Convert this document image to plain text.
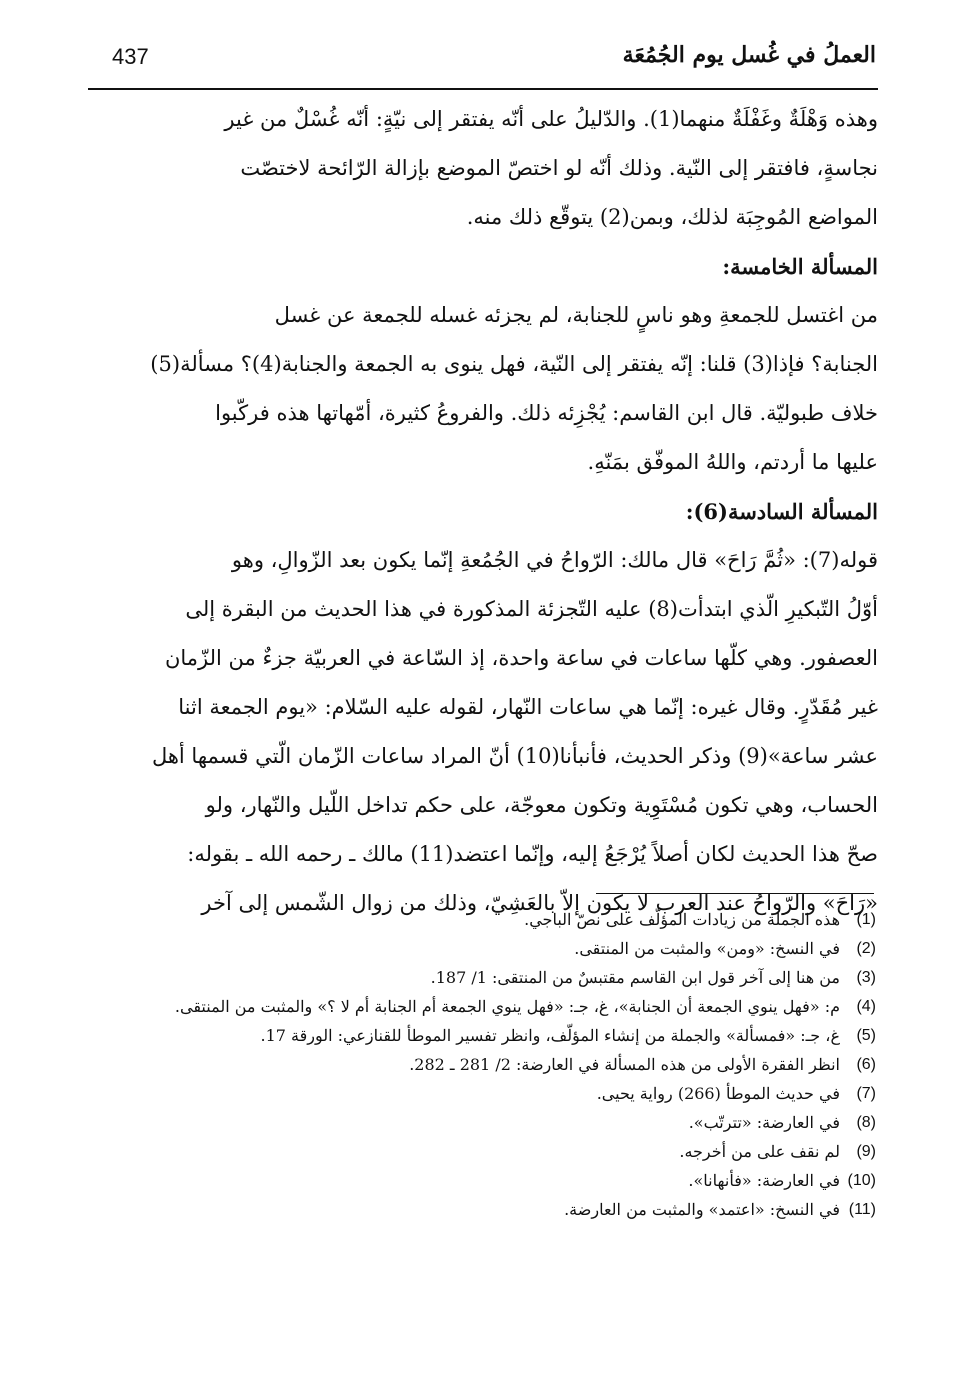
437	العملُ في غُسل يوم الجُمُعَة
وهذه وَهْلَةٌ وغَفْلَةٌ منهما(1). والدّليلُ على أنّه يفتقر إلى نيّةٍ: أنّه غُسْلٌ من غير
نجاسةٍ، فافتقر إلى النّية. وذلك أنّه لو اختصّ الموضع بإزالة الرّائحة لاختصّت
المواضع المُوجِبَة لذلك، وبمن(2) يتوقّع ذلك منه.
المسألة الخامسة:
من اغتسل للجمعةِ وهو ناسٍ للجنابة، لم يجزئه غسله للجمعة عن غسل
الجنابة؟ فإذا(3) قلنا: إنّه يفتقر إلى النّية، فهل ينوى به الجمعة والجنابة(4)؟ مسألة(5)
خلاف طبوليّة. قال ابن القاسم: يُجْزِئه ذلك. والفروعُ كثيرة، أمّهاتها هذه فركّبوا
عليها ما أردتم، واللهُ الموفّق بمَنّهِ.
المسألة السادسة(6):
قوله(7): «ثُمَّ رَاحَ» قال مالك: الرّواحُ في الجُمُعةِ إنّما يكون بعد الزّوالِ، وهو
أوّلُ التّبكيرِ الّذي ابتدأت(8) عليه التّجزئة المذكورة في هذا الحديث من البقرة إلى
العصفور. وهي كلّها ساعات في ساعة واحدة، إذ السّاعة في العربيّة جزءٌ من الزّمان
غير مُقَدّرٍ. وقال غيره: إنّما هي ساعات النّهار، لقوله عليه السّلام: «يوم الجمعة اثنا
عشر ساعة»(9) وذكر الحديث، فأنبأنا(10) أنّ المراد ساعات الزّمان الّتي قسمها أهل
الحساب، وهي تكون مُسْتَوِية وتكون معوجّة، على حكم تداخل اللّيل والنّهار، ولو
صحّ هذا الحديث لكان أصلاً يُرْجَعُ إليه، وإنّما اعتضد(11) مالك ـ رحمه الله ـ بقوله:
«رَاحَ» والرّواحُ عند العرب لا يكون إلاّ بالعَشِيّ، وذلك من زوال الشّمس إلى آخر
(1)
هذه الجملة من زيادات المؤلّف على نصّ الباجي.
(2)
في النسخ: «ومن» والمثبت من المنتقى.
(3)
من هنا إلى آخر قول ابن القاسم مقتبسٌ من المنتقى: 1/ 187.
(4)
م: «فهل ينوي الجمعة أن الجنابة»، غ، جـ: «فهل ينوي الجمعة أم الجنابة أم لا ؟» والمثبت من المنتقى.
(5)
غ، جـ: «فمسألة» والجملة من إنشاء المؤلّف، وانظر تفسير الموطأ للقنازعي: الورقة 17.
(6)
انظر الفقرة الأولى من هذه المسألة في العارضة: 2/ 281 ـ 282.
(7)
في حديث الموطأ (266) رواية يحيى.
(8)
في العارضة: «تترتّب».
(9)
لم نقف على من أخرجه.
(10)
في العارضة: «فأنهانا».
(11)
في النسخ: «اعتمد» والمثبت من العارضة.
